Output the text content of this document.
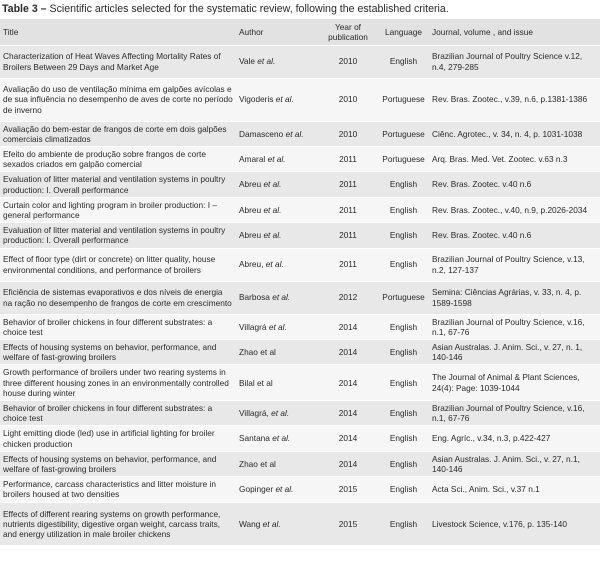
Table 3 – Scientific articles selected for the systematic review, following the established criteria.
Title	Author	Year of publication	Language	Journal, volume , and issue
Characterization of Heat Waves Affecting Mortality Rates of Broilers Between 29 Days and Market Age	Vale et al.	2010	English	Brazilian Journal of Poultry Science v.12, n.4, 279-285
Avaliação do uso de ventilação mínima em galpões avícolas e de sua influência no desempenho de aves de corte no período de inverno	Vigoderis et al.	2010	Portuguese	Rev. Bras. Zootec., v.39, n.6, p.1381-1386
Avaliação do bem-estar de frangos de corte em dois galpões comerciais climatizados	Damasceno et al.	2010	Portuguese	Ciênc. Agrotec., v. 34, n. 4, p. 1031-1038
Efeito do ambiente de produção sobre frangos de corte sexados criados em galpão comercial	Amaral et al.	2011	Portuguese	Arq. Bras. Med. Vet. Zootec. v.63 n.3
Evaluation of litter material and ventilation systems in poultry production: I. Overall performance	Abreu et al.	2011	English	Rev. Bras. Zootec. v.40 n.6
Curtain color and lighting program in broiler production: I – general performance	Abreu et al.	2011	English	Rev. Bras. Zootec., v.40, n.9, p.2026-2034
Evaluation of litter material and ventilation systems in poultry production: I. Overall performance	Abreu et al.	2011	English	Rev. Bras. Zootec. v.40 n.6
Effect of floor type (dirt or concrete) on litter quality, house environmental conditions, and performance of broilers	Abreu, et al.	2011	English	Brazilian Journal of Poultry Science, v.13, n.2, 127-137
Eficiência de sistemas evaporativos e dos níveis de energia na ração no desempenho de frangos de corte em crescimento	Barbosa et al.	2012	Portuguese	Semina: Ciências Agrárias, v. 33, n. 4, p. 1589-1598
Behavior of broiler chickens in four different substrates: a choice test	Villagrá et al.	2014	English	Brazilian Journal of Poultry Science, v.16, n.1, 67-76
Effects of housing systems on behavior, performance, and welfare of fast-growing broilers	Zhao et al	2014	English	Asian Australas. J. Anim. Sci., v. 27, n. 1, 140-146
Growth performance of broilers under two rearing systems in three different housing zones in an environmentally controlled house during winter	Bilal et al	2014	English	The Journal of Animal & Plant Sciences, 24(4): Page: 1039-1044
Behavior of broiler chickens in four different substrates: a choice test	Villagrá, et al.	2014	English	Brazilian Journal of Poultry Science, v.16, n.1, 67-76
Light emitting diode (led) use in artificial lighting for broiler chicken production	Santana et al.	2014	English	Eng. Agríc., v.34, n.3, p.422-427
Effects of housing systems on behavior, performance, and welfare of fast-growing broilers	Zhao et al	2014	English	Asian Australas. J. Anim. Sci., v. 27, n.1, 140-146
Performance, carcass characteristics and litter moisture in broilers housed at two densities	Gopinger et al.	2015	English	Acta Sci., Anim. Sci., v.37 n.1
Effects of different rearing systems on growth performance, nutrients digestibility, digestive organ weight, carcass traits, and energy utilization in male broiler chickens	Wang et al.	2015	English	Livestock Science, v.176, p. 135-140
